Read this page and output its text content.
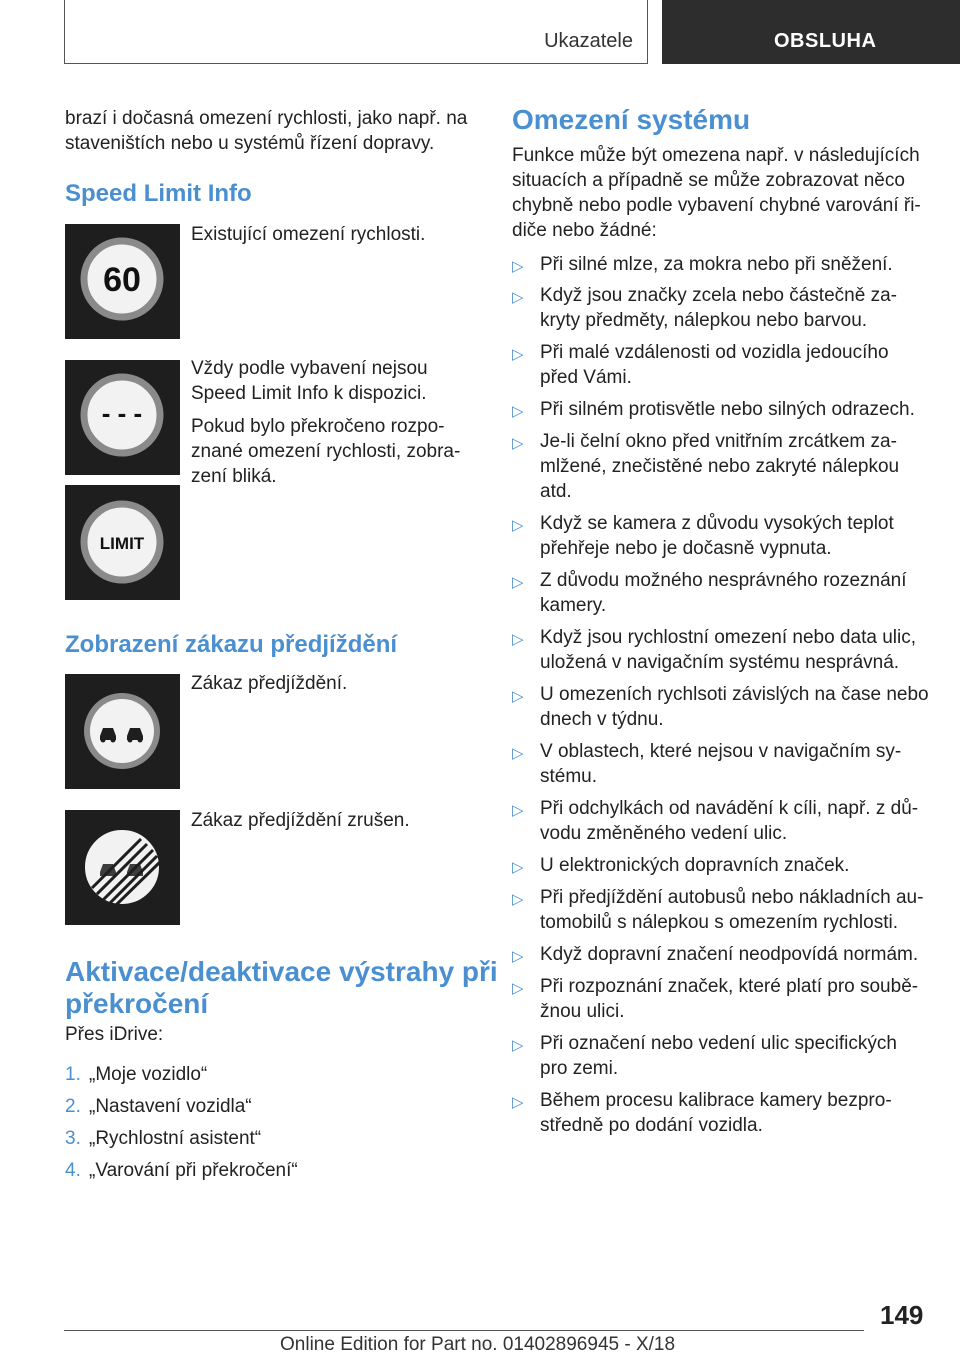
Ukazatele	OBSLUHA
brazí i dočasná omezení rychlosti, jako např. na
staveništích nebo u systémů řízení dopravy.
Speed Limit Info
60
Existující omezení rychlosti.
- - -
Vždy podle vybavení nejsou
Speed Limit Info k dispozici.
Pokud bylo překročeno rozpo-
znané omezení rychlosti, zobra-
zení bliká.
LIMIT
Zobrazení zákazu předjíždění
Zákaz předjíždění.
Zákaz předjíždění zrušen.
Aktivace/deaktivace výstrahy při
překročení
Přes iDrive:
1. „Moje vozidlo“
2. „Nastavení vozidla“
3. „Rychlostní asistent“
4. „Varování při překročení“
Omezení systému
Funkce může být omezena např. v následujících
situacích a případně se může zobrazovat něco
chybně nebo podle vybavení chybné varování ři-
diče nebo žádné:
▷ Při silné mlze, za mokra nebo při sněžení.
▷ Když jsou značky zcela nebo částečně za-
kryty předměty, nálepkou nebo barvou.
▷ Při malé vzdálenosti od vozidla jedoucího
před Vámi.
▷ Při silném protisvětle nebo silných odrazech.
▷ Je-li čelní okno před vnitřním zrcátkem za-
mlžené, znečistěné nebo zakryté nálepkou
atd.
▷ Když se kamera z důvodu vysokých teplot
přehřeje nebo je dočasně vypnuta.
▷ Z důvodu možného nesprávného rozeznání
kamery.
▷ Když jsou rychlostní omezení nebo data ulic,
uložená v navigačním systému nesprávná.
▷ U omezeních rychlsoti závislých na čase nebo
dnech v týdnu.
▷ V oblastech, které nejsou v navigačním sy-
stému.
▷ Při odchylkách od navádění k cíli, např. z dů-
vodu změněného vedení ulic.
▷ U elektronických dopravních značek.
▷ Při předjíždění autobusů nebo nákladních au-
tomobilů s nálepkou s omezením rychlosti.
▷ Když dopravní značení neodpovídá normám.
▷ Při rozpoznání značek, které platí pro soubě-
žnou ulici.
▷ Při označení nebo vedení ulic specifických
pro zemi.
▷ Během procesu kalibrace kamery bezpro-
středně po dodání vozidla.
149
Online Edition for Part no. 01402896945 - X/18
